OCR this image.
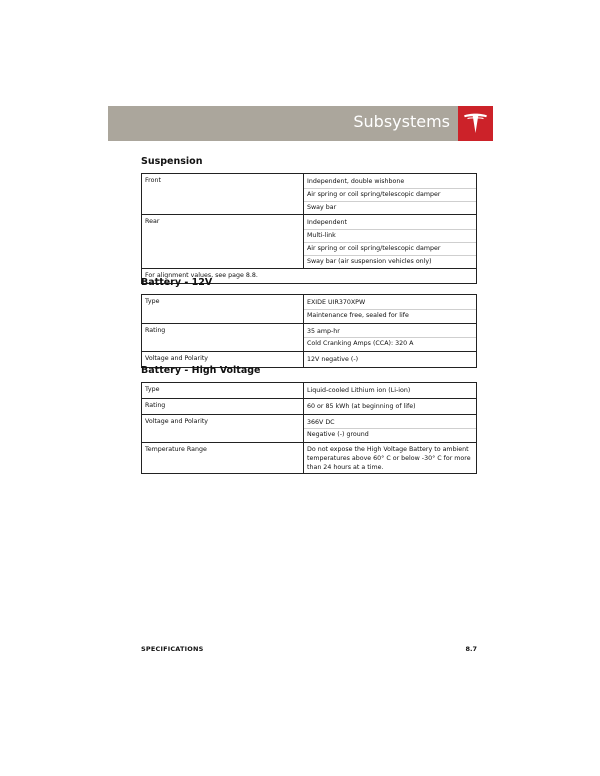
Subsystems
Suspension
Front	Independent, double wishbone
Air spring or coil spring/telescopic damper
Sway bar

Rear	Independent
Multi-link
Air spring or coil spring/telescopic damper
Sway bar (air suspension vehicles only)

For alignment values, see page 8.8.	
Battery - 12V
Type	EXIDE UIR370XPW
Maintenance free, sealed for life

Rating	35 amp-hr
Cold Cranking Amps (CCA): 320 A

Voltage and Polarity	12V negative (-)
Battery - High Voltage
Type	Liquid-cooled Lithium ion (Li-ion)

Rating	60 or 85 kWh (at beginning of life)

Voltage and Polarity	366V DC
Negative (-) ground

Temperature Range	Do not expose the High Voltage Battery to ambient temperatures above 60° C or below -30° C for more than 24 hours at a time.
SPECIFICATIONS	8.7
